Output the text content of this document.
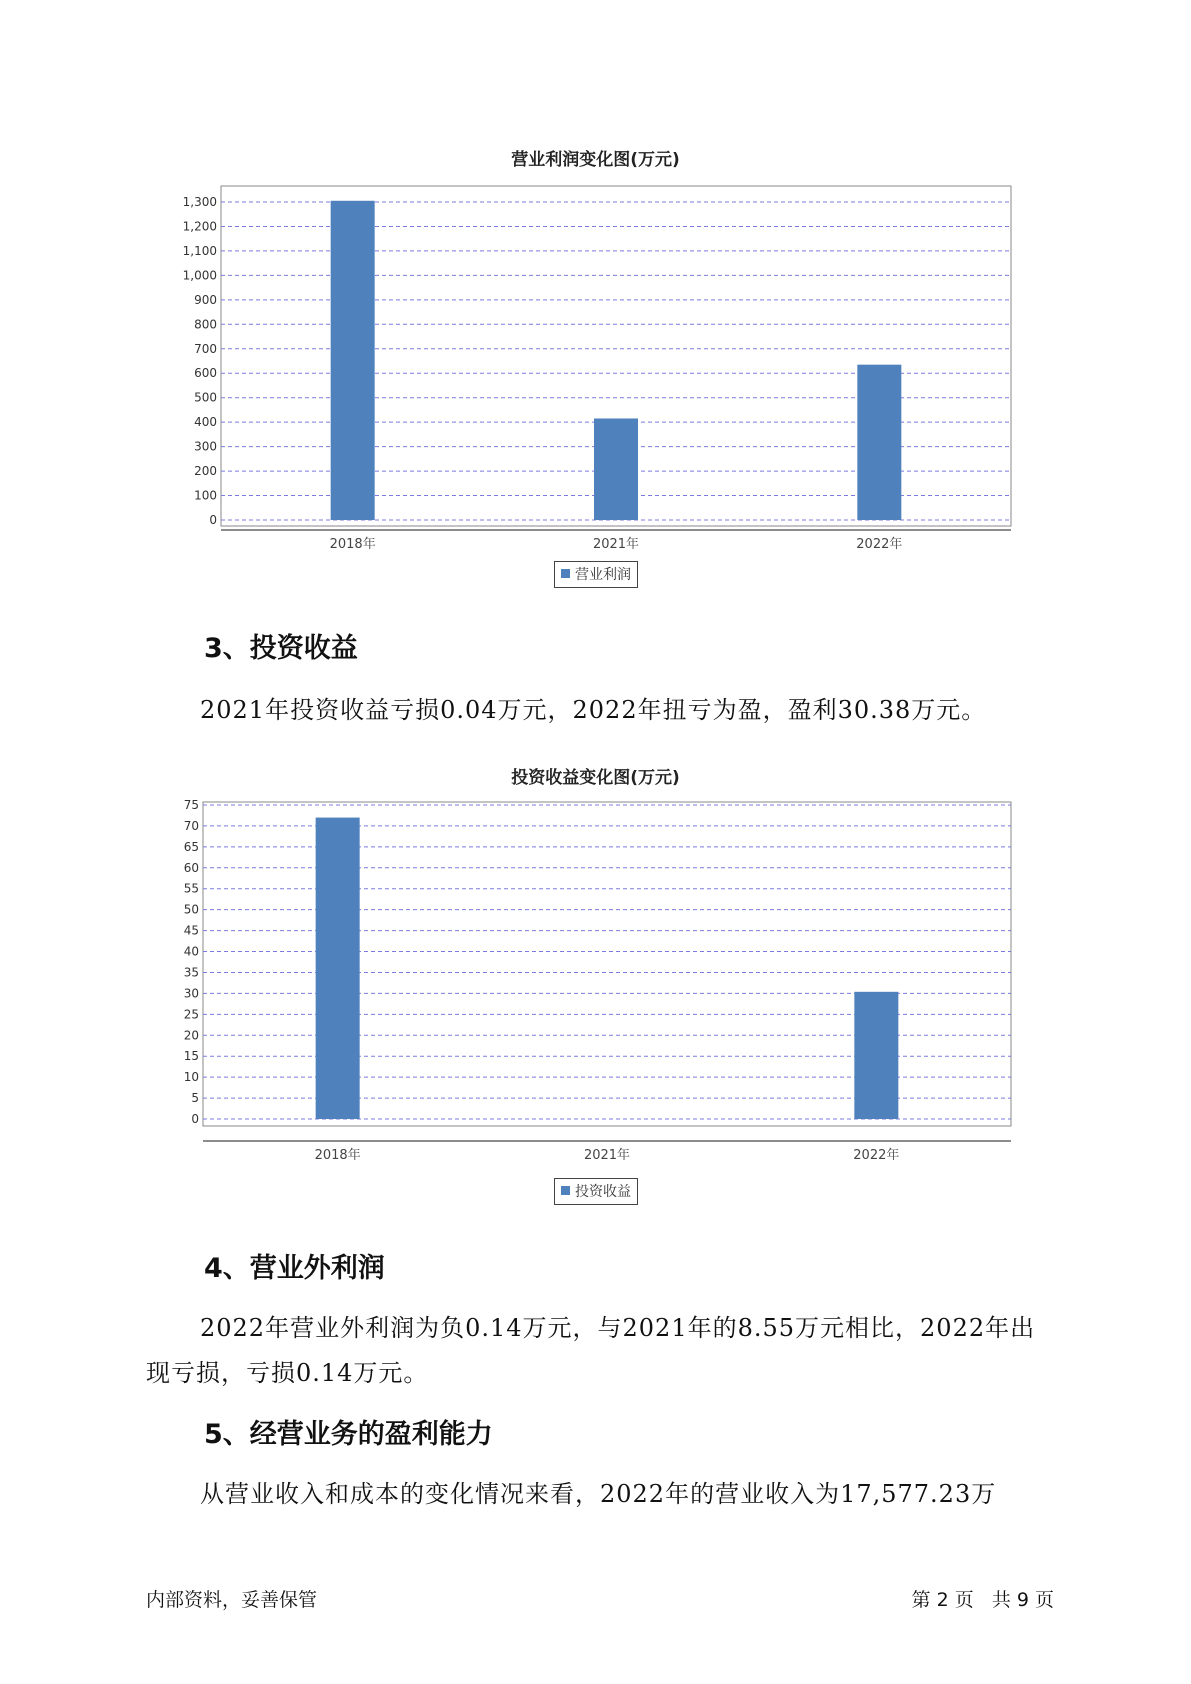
营业利润变化图(万元)
0
100
200
300
400
500
600
700
800
900
1,000
1,100
1,200
1,300
2018年	2021年	2022年
营业利润
3、投资收益

2021年投资收益亏损0.04万元，2022年扭亏为盈，盈利30.38万元。

投资收益变化图(万元)
0
5
10
15
20
25
30
35
40
45
50
55
60
65
70
75
2018年	2021年	2022年
投资收益
4、营业外利润

2022年营业外利润为负0.14万元，与2021年的8.55万元相比，2022年出现亏损，亏损0.14万元。

5、经营业务的盈利能力

从营业收入和成本的变化情况来看，2022年的营业收入为17,577.23万

内部资料，妥善保管	第 2 页   共 9 页
